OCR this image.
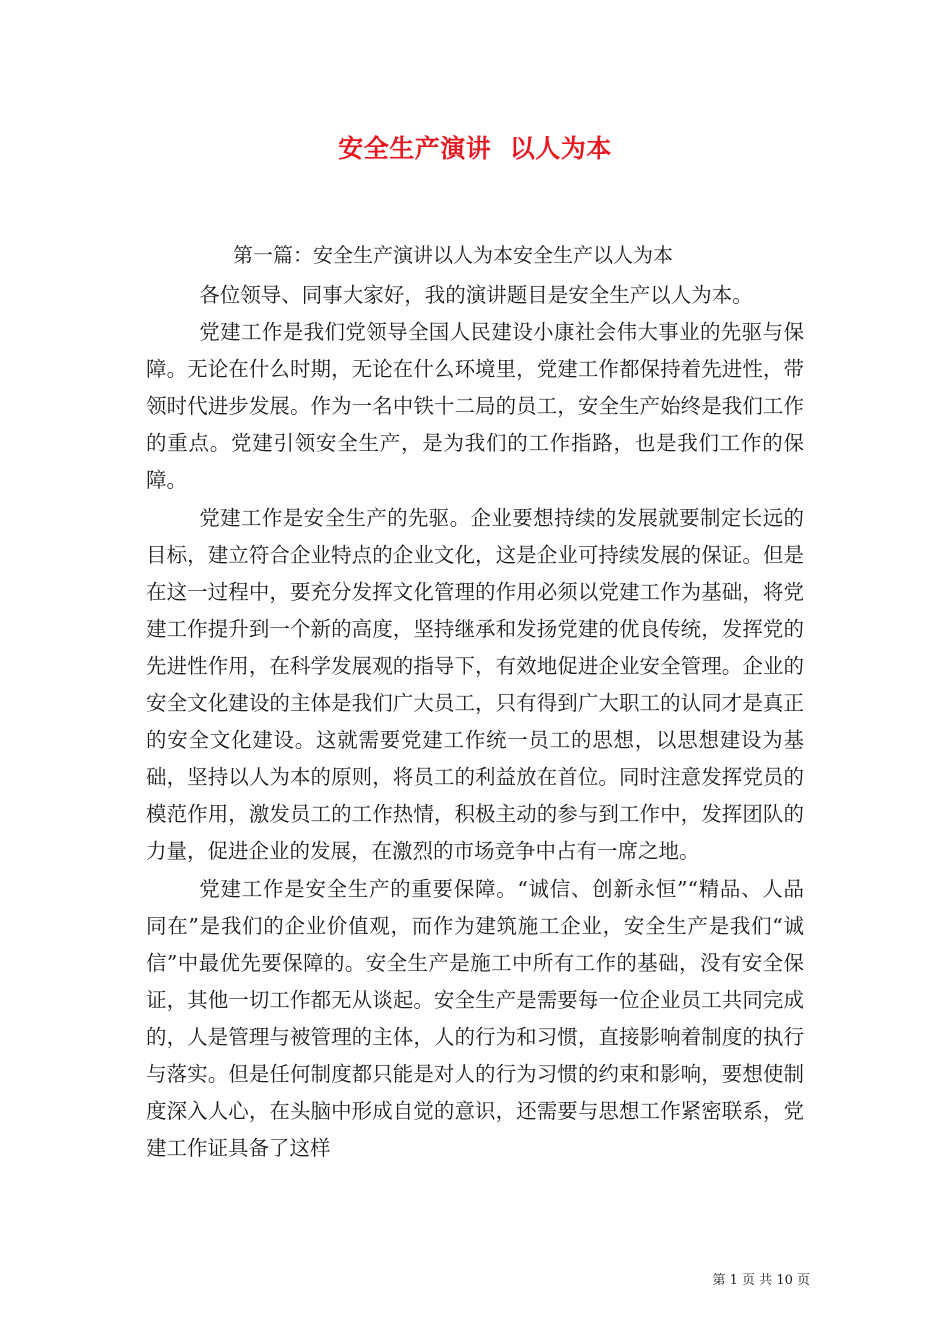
安全生产演讲  以人为本
第一篇：安全生产演讲以人为本安全生产以人为本

各位领导、同事大家好，我的演讲题目是安全生产以人为本。

党建工作是我们党领导全国人民建设小康社会伟大事业的先驱与保障。无论在什么时期，无论在什么环境里，党建工作都保持着先进性，带领时代进步发展。作为一名中铁十二局的员工，安全生产始终是我们工作的重点。党建引领安全生产，是为我们的工作指路，也是我们工作的保障。

党建工作是安全生产的先驱。企业要想持续的发展就要制定长远的目标，建立符合企业特点的企业文化，这是企业可持续发展的保证。但是在这一过程中，要充分发挥文化管理的作用必须以党建工作为基础，将党建工作提升到一个新的高度，坚持继承和发扬党建的优良传统，发挥党的先进性作用，在科学发展观的指导下，有效地促进企业安全管理。企业的安全文化建设的主体是我们广大员工，只有得到广大职工的认同才是真正的安全文化建设。这就需要党建工作统一员工的思想，以思想建设为基础，坚持以人为本的原则，将员工的利益放在首位。同时注意发挥党员的模范作用，激发员工的工作热情，积极主动的参与到工作中，发挥团队的力量，促进企业的发展，在激烈的市场竞争中占有一席之地。

党建工作是安全生产的重要保障。“诚信、创新永恒”“精品、人品同在”是我们的企业价值观，而作为建筑施工企业，安全生产是我们“诚信”中最优先要保障的。安全生产是施工中所有工作的基础，没有安全保证，其他一切工作都无从谈起。安全生产是需要每一位企业员工共同完成的，人是管理与被管理的主体，人的行为和习惯，直接影响着制度的执行与落实。但是任何制度都只能是对人的行为习惯的约束和影响，要想使制度深入人心，在头脑中形成自觉的意识，还需要与思想工作紧密联系，党建工作证具备了这样

第 1 页 共 10 页
